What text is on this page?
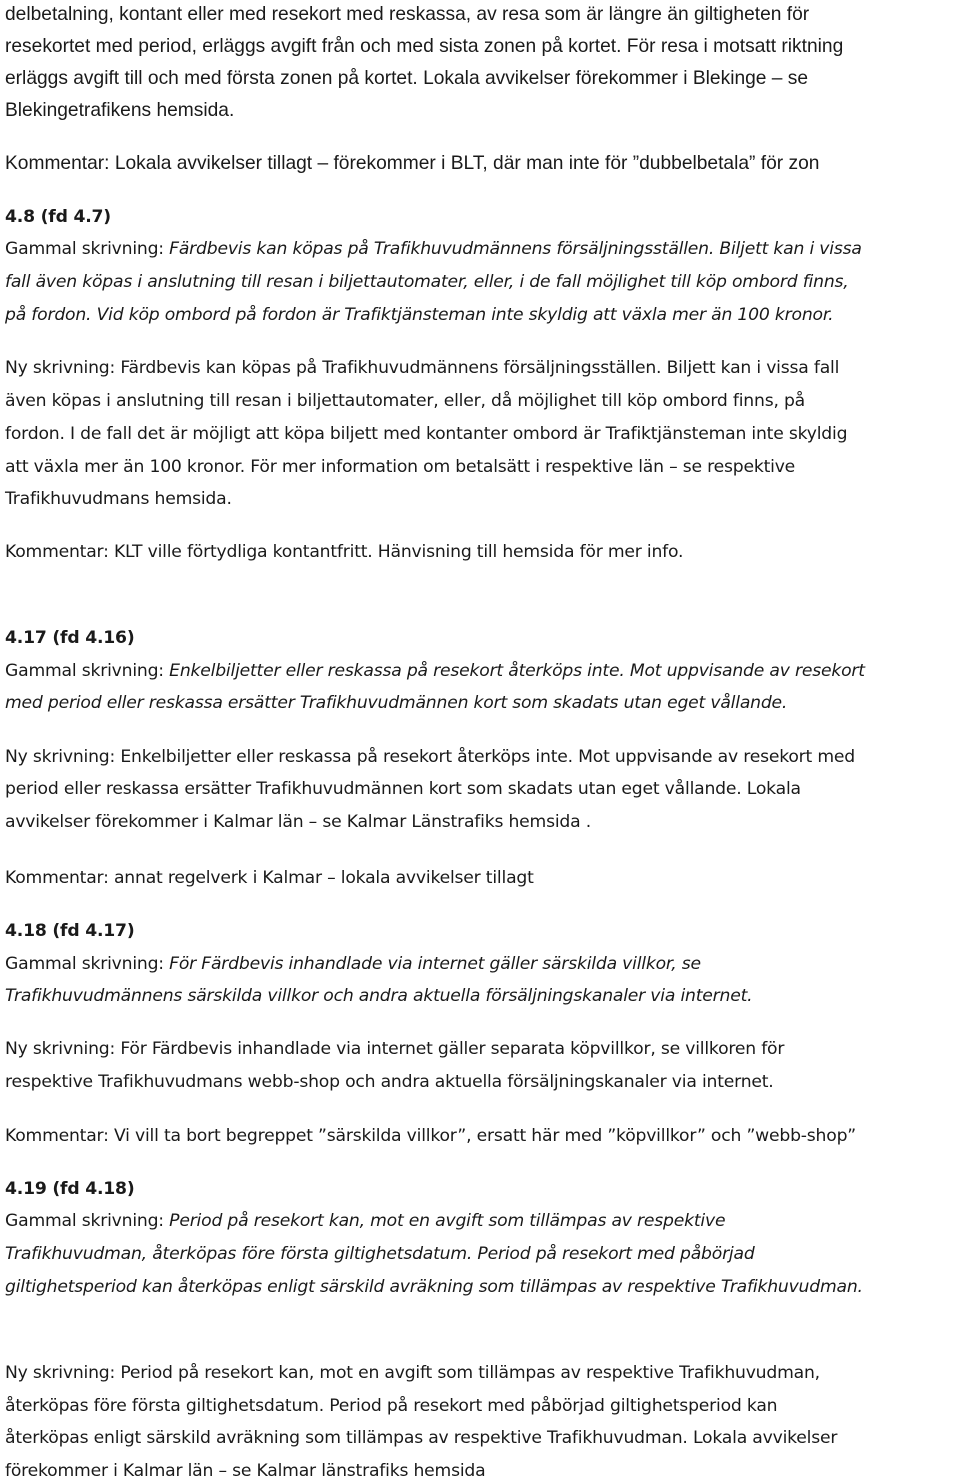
delbetalning, kontant eller med resekort med reskassa, av resa som är längre än giltigheten för
resekortet med period, erläggs avgift från och med sista zonen på kortet. För resa i motsatt riktning
erläggs avgift till och med första zonen på kortet. Lokala avvikelser förekommer i Blekinge – se
Blekingetrafikens hemsida.
Kommentar: Lokala avvikelser tillagt – förekommer i BLT, där man inte för ”dubbelbetala” för zon
4.8 (fd 4.7)
Gammal skrivning: Färdbevis kan köpas på Trafikhuvudmännens försäljningsställen. Biljett kan i vissa
fall även köpas i anslutning till resan i biljettautomater, eller, i de fall möjlighet till köp ombord finns,
på fordon. Vid köp ombord på fordon är Trafiktjänsteman inte skyldig att växla mer än 100 kronor.
Ny skrivning: Färdbevis kan köpas på Trafikhuvudmännens försäljningsställen. Biljett kan i vissa fall
även köpas i anslutning till resan i biljettautomater, eller, då möjlighet till köp ombord finns, på
fordon. I de fall det är möjligt att köpa biljett med kontanter ombord är Trafiktjänsteman inte skyldig
att växla mer än 100 kronor. För mer information om betalsätt i respektive län – se respektive
Trafikhuvudmans hemsida.
Kommentar: KLT ville förtydliga kontantfritt. Hänvisning till hemsida för mer info.
4.17 (fd 4.16)
Gammal skrivning: Enkelbiljetter eller reskassa på resekort återköps inte. Mot uppvisande av resekort
med period eller reskassa ersätter Trafikhuvudmännen kort som skadats utan eget vållande.
Ny skrivning: Enkelbiljetter eller reskassa på resekort återköps inte. Mot uppvisande av resekort med
period eller reskassa ersätter Trafikhuvudmännen kort som skadats utan eget vållande. Lokala
avvikelser förekommer i Kalmar län – se Kalmar Länstrafiks hemsida .
Kommentar: annat regelverk i Kalmar – lokala avvikelser tillagt
4.18 (fd 4.17)
Gammal skrivning: För Färdbevis inhandlade via internet gäller särskilda villkor, se
Trafikhuvudmännens särskilda villkor och andra aktuella försäljningskanaler via internet.
Ny skrivning: För Färdbevis inhandlade via internet gäller separata köpvillkor, se villkoren för
respektive Trafikhuvudmans webb-shop och andra aktuella försäljningskanaler via internet.
Kommentar: Vi vill ta bort begreppet ”särskilda villkor”, ersatt här med ”köpvillkor” och ”webb-shop”
4.19 (fd 4.18)
Gammal skrivning: Period på resekort kan, mot en avgift som tillämpas av respektive
Trafikhuvudman, återköpas före första giltighetsdatum. Period på resekort med påbörjad
giltighetsperiod kan återköpas enligt särskild avräkning som tillämpas av respektive Trafikhuvudman.
Ny skrivning: Period på resekort kan, mot en avgift som tillämpas av respektive Trafikhuvudman,
återköpas före första giltighetsdatum. Period på resekort med påbörjad giltighetsperiod kan
återköpas enligt särskild avräkning som tillämpas av respektive Trafikhuvudman. Lokala avvikelser
förekommer i Kalmar län – se Kalmar länstrafiks hemsida
